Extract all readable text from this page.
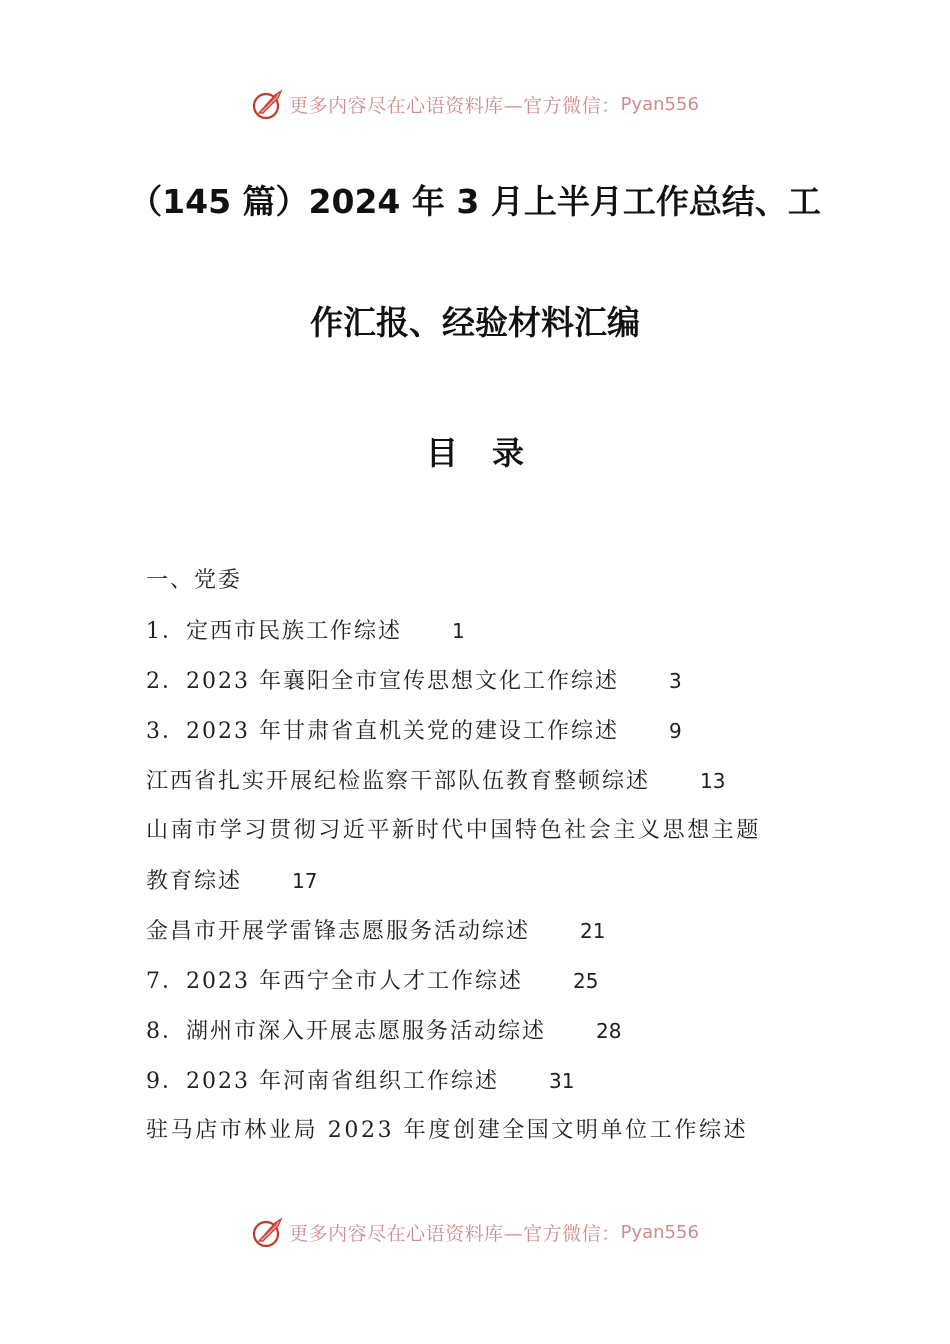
更多内容尽在心语资料库—官方微信： Pyan556
（145 篇）2024 年 3 月上半月工作总结、工
作汇报、经验材料汇编
目录
一、党委
1．定西市民族工作综述	1
2．2023 年襄阳全市宣传思想文化工作综述	3
3．2023 年甘肃省直机关党的建设工作综述	9
江西省扎实开展纪检监察干部队伍教育整顿综述	13
山南市学习贯彻习近平新时代中国特色社会主义思想主题
教育综述	17
金昌市开展学雷锋志愿服务活动综述	21
7．2023 年西宁全市人才工作综述	25
8．湖州市深入开展志愿服务活动综述	28
9．2023 年河南省组织工作综述	31
驻马店市林业局 2023 年度创建全国文明单位工作综述
更多内容尽在心语资料库—官方微信： Pyan556
